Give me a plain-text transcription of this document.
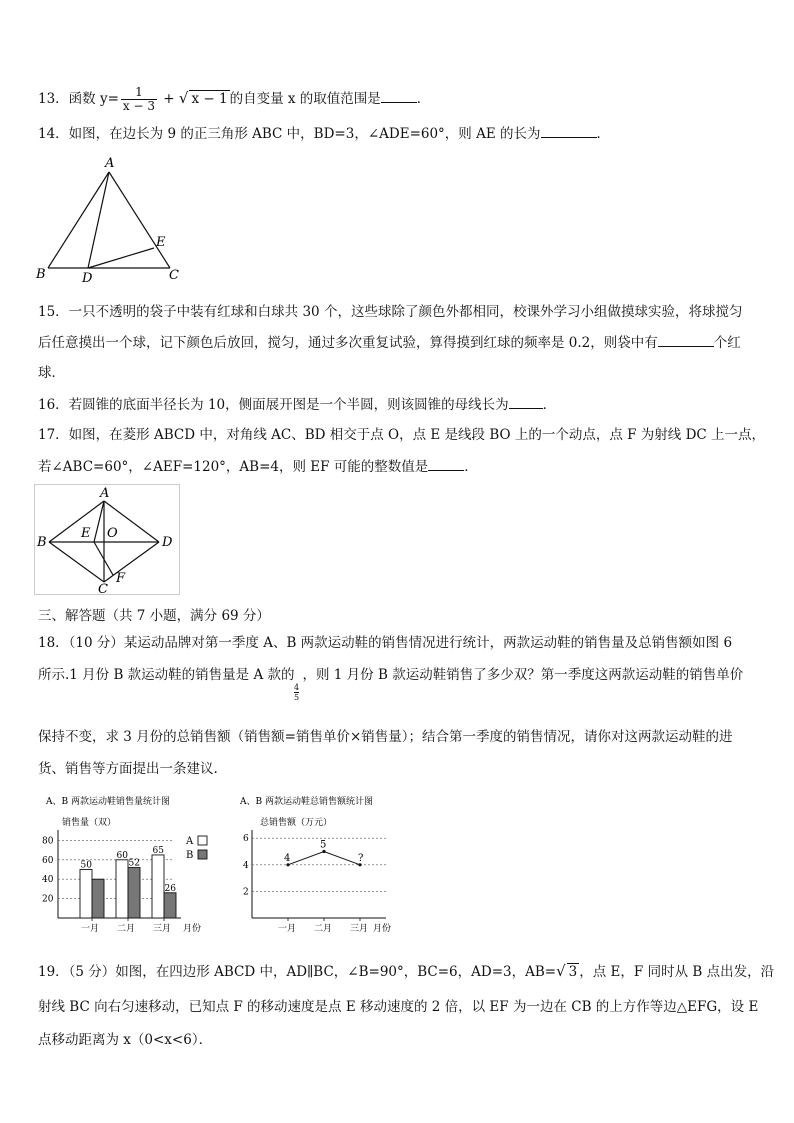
13．函数 $y= \frac{1}{x - 3}$ + √ x − 1 的自变量 x 的取值范围是	．
14．如图，在边长为 9 的正三角形 ABC 中，BD=3，∠ADE=60°，则 AE 的长为	．
A
B	C
D
E
15．一只不透明的袋子中装有红球和白球共 30 个，这些球除了颜色外都相同，校课外学习小组做摸球实验，将球搅匀
后任意摸出一个球，记下颜色后放回，搅匀，通过多次重复试验，算得摸到红球的频率是 0.2，则袋中有	个红
球．
16．若圆锥的底面半径长为 10，侧面展开图是一个半圆，则该圆锥的母线长为	．
17．如图，在菱形 ABCD 中，对角线 AC、BD 相交于点 O，点 E 是线段 BO 上的一个动点，点 F 为射线 DC 上一点，
若∠ABC=60°，∠AEF=120°，AB=4，则 EF 可能的整数值是	．
A
B
C
D
E O
F
三、解答题（共 7 小题，满分 69 分）
18．（10 分）某运动品牌对第一季度 A、B 两款运动鞋的销售情况进行统计，两款运动鞋的销售量及总销售额如图 6
所示.1 月份 B 款运动鞋的销售量是 A 款的 ，则 1 月份 B 款运动鞋销售了多少双？第一季度这两款运动鞋的销售单价
$\frac{4}{5}$
保持不变，求 3 月份的总销售额（销售额=销售单价×销售量）；结合第一季度的销售情况，请你对这两款运动鞋的进
货、销售等方面提出一条建议.
A、B 两款运动鞋销售量统计图
销售量（双）
月份
50
60
52
65
26
20
40
60
80
一月 二月 三月
A
B
A、B 两款运动鞋总销售额统计图
总销售额（万元）
月份
4
5
?
2
4
6
一月 二月 三月
19．（5 分）如图，在四边形 ABCD 中，AD∥BC，∠B=90°，BC=6，AD=3，AB=√ 3 ，点 E，F 同时从 B 点出发，沿
射线 BC 向右匀速移动，已知点 F 的移动速度是点 E 移动速度的 2 倍，以 EF 为一边在 CB 的上方作等边△EFG，设 E
点移动距离为 x（0<x<6）．
